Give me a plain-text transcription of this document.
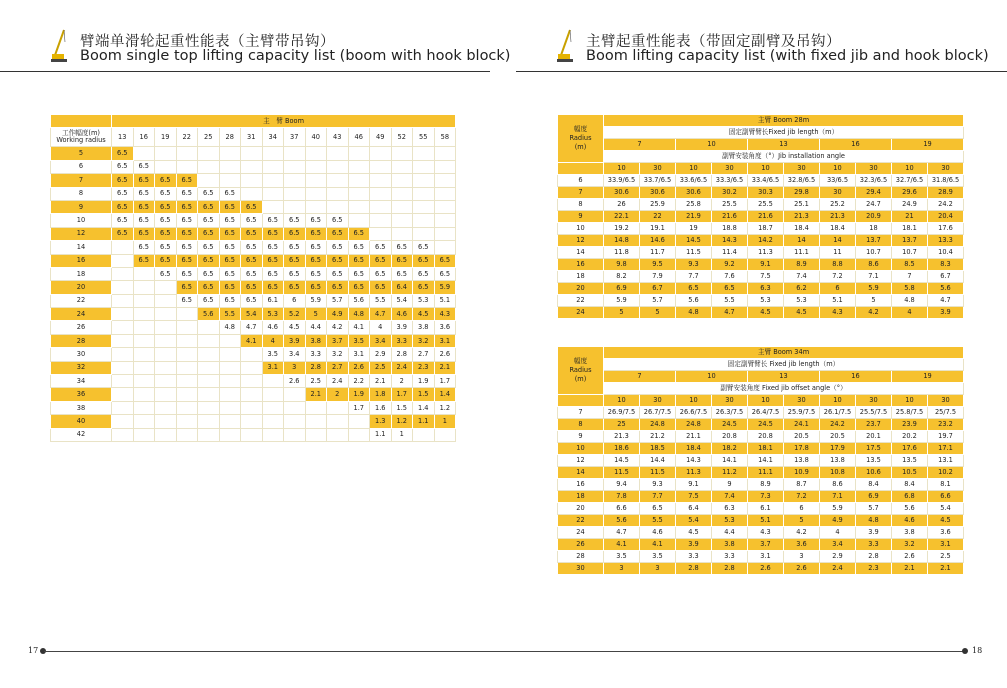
臂端单滑轮起重性能表（主臂带吊钩）
Boom single top lifting capacity list (boom with hook block)
主臂起重性能表（带固定副臂及吊钩）
Boom lifting capacity list (with fixed jib and hook block)
	主　臂 Boom															
工作幅度(m)
Working radius	13	16	19	22	25	28	31	34	37	40	43	46	49	52	55	58
5	6.5															
6	6.5	6.5														
7	6.5	6.5	6.5	6.5												
8	6.5	6.5	6.5	6.5	6.5	6.5										
9	6.5	6.5	6.5	6.5	6.5	6.5	6.5									
10	6.5	6.5	6.5	6.5	6.5	6.5	6.5	6.5	6.5	6.5	6.5					
12	6.5	6.5	6.5	6.5	6.5	6.5	6.5	6.5	6.5	6.5	6.5	6.5				
14		6.5	6.5	6.5	6.5	6.5	6.5	6.5	6.5	6.5	6.5	6.5	6.5	6.5	6.5	
16		6.5	6.5	6.5	6.5	6.5	6.5	6.5	6.5	6.5	6.5	6.5	6.5	6.5	6.5	6.5
18			6.5	6.5	6.5	6.5	6.5	6.5	6.5	6.5	6.5	6.5	6.5	6.5	6.5	6.5
20				6.5	6.5	6.5	6.5	6.5	6.5	6.5	6.5	6.5	6.5	6.4	6.5	5.9
22				6.5	6.5	6.5	6.5	6.1	6	5.9	5.7	5.6	5.5	5.4	5.3	5.1
24					5.6	5.5	5.4	5.3	5.2	5	4.9	4.8	4.7	4.6	4.5	4.3
26						4.8	4.7	4.6	4.5	4.4	4.2	4.1	4	3.9	3.8	3.6
28							4.1	4	3.9	3.8	3.7	3.5	3.4	3.3	3.2	3.1
30								3.5	3.4	3.3	3.2	3.1	2.9	2.8	2.7	2.6
32								3.1	3	2.8	2.7	2.6	2.5	2.4	2.3	2.1
34									2.6	2.5	2.4	2.2	2.1	2	1.9	1.7
36										2.1	2	1.9	1.8	1.7	1.5	1.4
38												1.7	1.6	1.5	1.4	1.2
40													1.3	1.2	1.1	1
42													1.1	1		
幅度
Radius
(m)	主臂 Boom 28m									
	固定副臂臂长Fixed jib length（m）									
	7		10		13		16		19	
	副臂安装角度（°）Jib installation angle									
	10	30	10	30	10	30	10	30	10	30
6	33.9/6.5	33.7/6.5	33.6/6.5	33.3/6.5	33.4/6.5	32.8/6.5	33/6.5	32.3/6.5	32.7/6.5	31.8/6.5
7	30.6	30.6	30.6	30.2	30.3	29.8	30	29.4	29.6	28.9
8	26	25.9	25.8	25.5	25.5	25.1	25.2	24.7	24.9	24.2
9	22.1	22	21.9	21.6	21.6	21.3	21.3	20.9	21	20.4
10	19.2	19.1	19	18.8	18.7	18.4	18.4	18	18.1	17.6
12	14.8	14.6	14.5	14.3	14.2	14	14	13.7	13.7	13.3
14	11.8	11.7	11.5	11.4	11.3	11.1	11	10.7	10.7	10.4
16	9.8	9.5	9.3	9.2	9.1	8.9	8.8	8.6	8.5	8.3
18	8.2	7.9	7.7	7.6	7.5	7.4	7.2	7.1	7	6.7
20	6.9	6.7	6.5	6.5	6.3	6.2	6	5.9	5.8	5.6
22	5.9	5.7	5.6	5.5	5.3	5.3	5.1	5	4.8	4.7
24	5	5	4.8	4.7	4.5	4.5	4.3	4.2	4	3.9
幅度
Radius
(m)	主臂 Boom 34m									
	固定副臂臂长 Fixed jib length（m）									
	7		10		13		16		19	
	副臂安装角度 Fixed jib offset angle（°）									
	10	30	10	30	10	30	10	30	10	30
7	26.9/7.5	26.7/7.5	26.6/7.5	26.3/7.5	26.4/7.5	25.9/7.5	26.1/7.5	25.5/7.5	25.8/7.5	25/7.5
8	25	24.8	24.8	24.5	24.5	24.1	24.2	23.7	23.9	23.2
9	21.3	21.2	21.1	20.8	20.8	20.5	20.5	20.1	20.2	19.7
10	18.6	18.5	18.4	18.2	18.1	17.8	17.9	17.5	17.6	17.1
12	14.5	14.4	14.3	14.1	14.1	13.8	13.8	13.5	13.5	13.1
14	11.5	11.5	11.3	11.2	11.1	10.9	10.8	10.6	10.5	10.2
16	9.4	9.3	9.1	9	8.9	8.7	8.6	8.4	8.4	8.1
18	7.8	7.7	7.5	7.4	7.3	7.2	7.1	6.9	6.8	6.6
20	6.6	6.5	6.4	6.3	6.1	6	5.9	5.7	5.6	5.4
22	5.6	5.5	5.4	5.3	5.1	5	4.9	4.8	4.6	4.5
24	4.7	4.6	4.5	4.4	4.3	4.2	4	3.9	3.8	3.6
26	4.1	4.1	3.9	3.8	3.7	3.6	3.4	3.3	3.2	3.1
28	3.5	3.5	3.3	3.3	3.1	3	2.9	2.8	2.6	2.5
30	3	3	2.8	2.8	2.6	2.6	2.4	2.3	2.1	2.1
17	18
